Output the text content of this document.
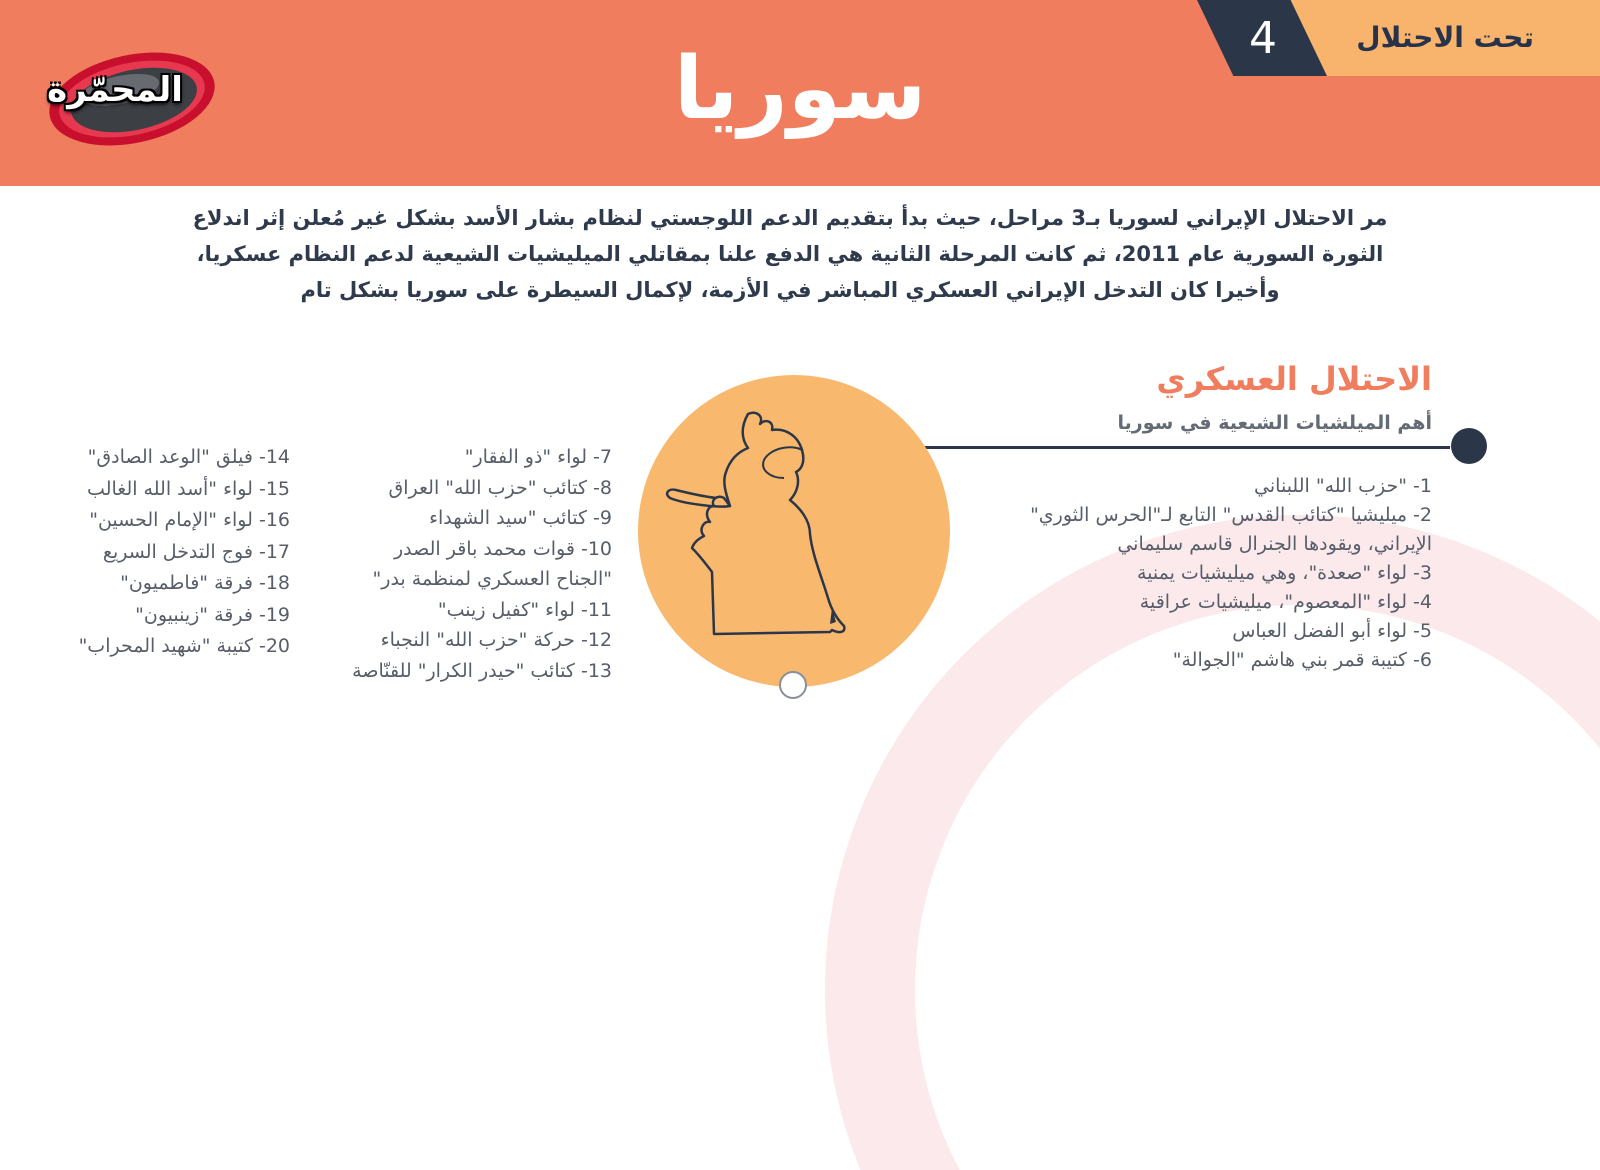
تحت الاحتلال
4
سوريا
المحمّرة
مر الاحتلال الإيراني لسوريا بـ3 مراحل، حيث بدأ بتقديم الدعم اللوجستي لنظام بشار الأسد بشكل غير مُعلن إثر اندلاع
الثورة السورية عام 2011، ثم كانت المرحلة الثانية هي الدفع علنا بمقاتلي الميليشيات الشيعية لدعم النظام عسكريا،
وأخيرا كان التدخل الإيراني العسكري المباشر في الأزمة، لإكمال السيطرة على سوريا بشكل تام
الاحتلال العسكري
أهم الميلشيات الشيعية في سوريا
1- "حزب الله" اللبناني
2- ميليشيا "كتائب القدس" التابع لـ"الحرس الثوري"
الإيراني، ويقودها الجنرال قاسم سليماني
3- لواء "صعدة"، وهي ميليشيات يمنية
4- لواء "المعصوم"، ميليشيات عراقية
5- لواء أبو الفضل العباس
6- كتيبة قمر بني هاشم "الجوالة"
7- لواء "ذو الفقار"
8- كتائب "حزب الله" العراق
9- كتائب "سيد الشهداء
10- قوات محمد باقر الصدر
"الجناح العسكري لمنظمة بدر"
11- لواء "كفيل زينب"
12- حركة "حزب الله" النجباء
13- كتائب "حيدر الكرار" للقنّاصة
14- فيلق "الوعد الصادق"
15- لواء "أسد الله الغالب
16- لواء "الإمام الحسين"
17- فوج التدخل السريع
18- فرقة "فاطميون"
19- فرقة "زينبيون"
20- كتيبة "شهيد المحراب"
